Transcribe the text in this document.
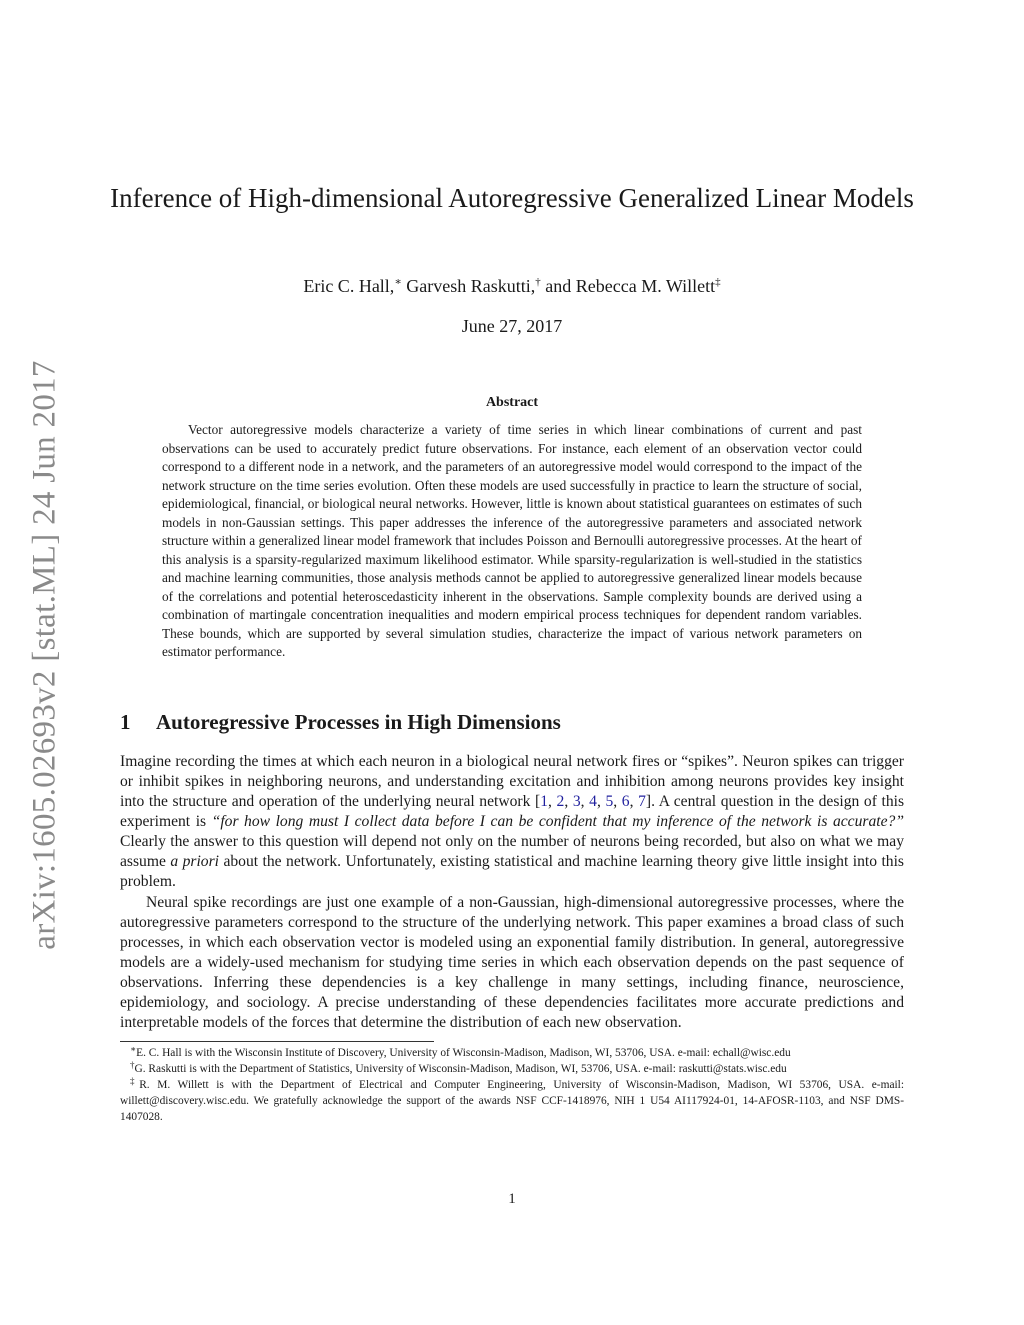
arXiv:1605.02693v2 [stat.ML] 24 Jun 2017
Inference of High-dimensional Autoregressive Generalized Linear Models
Eric C. Hall,∗ Garvesh Raskutti,† and Rebecca M. Willett‡
June 27, 2017
Abstract

Vector autoregressive models characterize a variety of time series in which linear combinations of current and past observations can be used to accurately predict future observations. For instance, each element of an observation vector could correspond to a different node in a network, and the parameters of an autoregressive model would correspond to the impact of the network structure on the time series evolution. Often these models are used successfully in practice to learn the structure of social, epidemiological, financial, or biological neural networks. However, little is known about statistical guarantees on estimates of such models in non-Gaussian settings. This paper addresses the inference of the autoregressive parameters and associated network structure within a generalized linear model framework that includes Poisson and Bernoulli autoregressive processes. At the heart of this analysis is a sparsity-regularized maximum likelihood estimator. While sparsity-regularization is well-studied in the statistics and machine learning communities, those analysis methods cannot be applied to autoregressive generalized linear models because of the correlations and potential heteroscedasticity inherent in the observations. Sample complexity bounds are derived using a combination of martingale concentration inequalities and modern empirical process techniques for dependent random variables. These bounds, which are supported by several simulation studies, characterize the impact of various network parameters on estimator performance.

1 Autoregressive Processes in High Dimensions

Imagine recording the times at which each neuron in a biological neural network fires or “spikes”. Neuron spikes can trigger or inhibit spikes in neighboring neurons, and understanding excitation and inhibition among neurons provides key insight into the structure and operation of the underlying neural network [1, 2, 3, 4, 5, 6, 7]. A central question in the design of this experiment is “for how long must I collect data before I can be confident that my inference of the network is accurate?” Clearly the answer to this question will depend not only on the number of neurons being recorded, but also on what we may assume a priori about the network. Unfortunately, existing statistical and machine learning theory give little insight into this problem.

Neural spike recordings are just one example of a non-Gaussian, high-dimensional autoregressive processes, where the autoregressive parameters correspond to the structure of the underlying network. This paper examines a broad class of such processes, in which each observation vector is modeled using an exponential family distribution. In general, autoregressive models are a widely-used mechanism for studying time series in which each observation depends on the past sequence of observations. Inferring these dependencies is a key challenge in many settings, including finance, neuroscience, epidemiology, and sociology. A precise understanding of these dependencies facilitates more accurate predictions and interpretable models of the forces that determine the distribution of each new observation.

∗E. C. Hall is with the Wisconsin Institute of Discovery, University of Wisconsin-Madison, Madison, WI, 53706, USA. e-mail: echall@wisc.edu

†G. Raskutti is with the Department of Statistics, University of Wisconsin-Madison, Madison, WI, 53706, USA. e-mail: raskutti@stats.wisc.edu

‡R. M. Willett is with the Department of Electrical and Computer Engineering, University of Wisconsin-Madison, Madison, WI 53706, USA. e-mail: willett@discovery.wisc.edu. We gratefully acknowledge the support of the awards NSF CCF-1418976, NIH 1 U54 AI117924-01, 14-AFOSR-1103, and NSF DMS-1407028.

1
